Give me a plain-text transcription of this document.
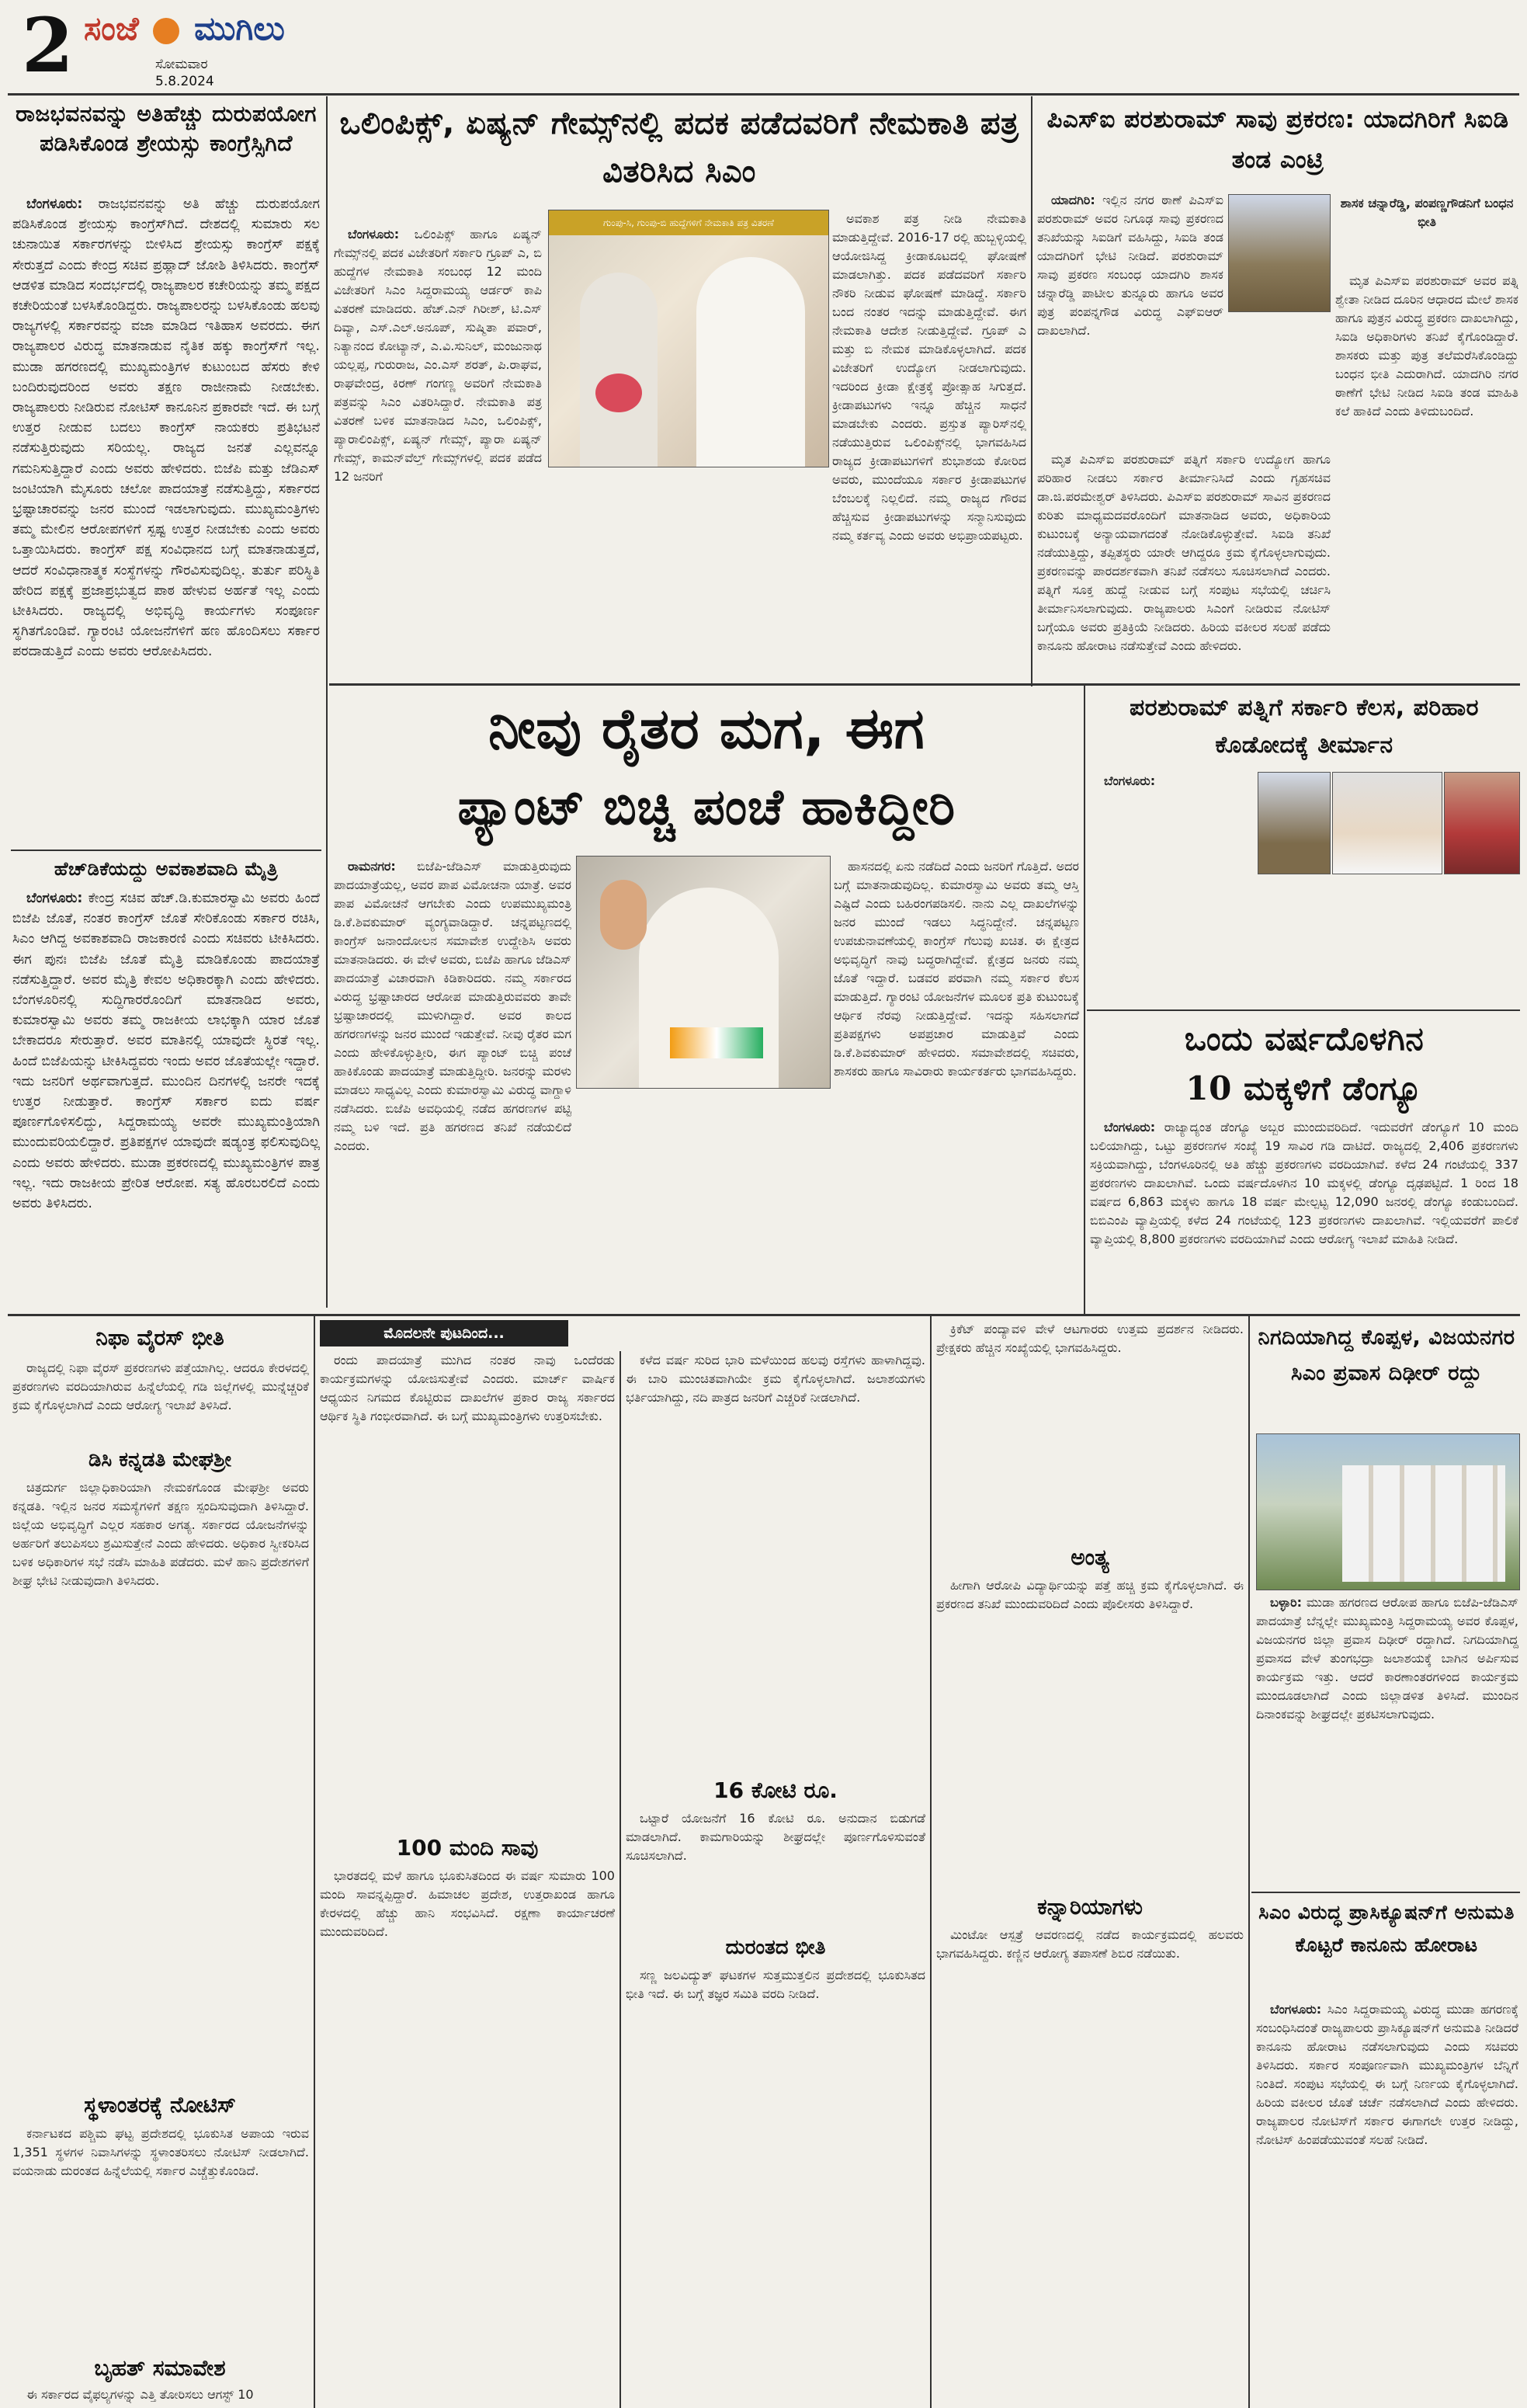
2 ಸಂಜೆ ಮುಗಿಲು
ಸೋಮವಾರ
5.8.2024
ರಾಜಭವನವನ್ನು ಅತಿಹೆಚ್ಚು ದುರುಪಯೋಗ ಪಡಿಸಿಕೊಂಡ ಶ್ರೇಯಸ್ಸು ಕಾಂಗ್ರೆಸ್ಸಿಗಿದೆ

ಬೆಂಗಳೂರು: ರಾಜಭವನವನ್ನು ಅತಿ ಹೆಚ್ಚು ದುರುಪಯೋಗ ಪಡಿಸಿಕೊಂಡ ಶ್ರೇಯಸ್ಸು ಕಾಂಗ್ರೆಸ್‌ಗಿದೆ. ದೇಶದಲ್ಲಿ ಸುಮಾರು ಸಲ ಚುನಾಯಿತ ಸರ್ಕಾರಗಳನ್ನು ಬೀಳಿಸಿದ ಶ್ರೇಯಸ್ಸು ಕಾಂಗ್ರೆಸ್ ಪಕ್ಷಕ್ಕೆ ಸೇರುತ್ತದೆ ಎಂದು ಕೇಂದ್ರ ಸಚಿವ ಪ್ರಹ್ಲಾದ್ ಜೋಶಿ ತಿಳಿಸಿದರು. ಕಾಂಗ್ರೆಸ್ ಆಡಳಿತ ಮಾಡಿದ ಸಂದರ್ಭದಲ್ಲಿ ರಾಜ್ಯಪಾಲರ ಕಚೇರಿಯನ್ನು ತಮ್ಮ ಪಕ್ಷದ ಕಚೇರಿಯಂತೆ ಬಳಸಿಕೊಂಡಿದ್ದರು. ರಾಜ್ಯಪಾಲರನ್ನು ಬಳಸಿಕೊಂಡು ಹಲವು ರಾಜ್ಯಗಳಲ್ಲಿ ಸರ್ಕಾರವನ್ನು ವಜಾ ಮಾಡಿದ ಇತಿಹಾಸ ಅವರದು. ಈಗ ರಾಜ್ಯಪಾಲರ ವಿರುದ್ಧ ಮಾತನಾಡುವ ನೈತಿಕ ಹಕ್ಕು ಕಾಂಗ್ರೆಸ್‌ಗೆ ಇಲ್ಲ. ಮುಡಾ ಹಗರಣದಲ್ಲಿ ಮುಖ್ಯಮಂತ್ರಿಗಳ ಕುಟುಂಬದ ಹೆಸರು ಕೇಳಿ ಬಂದಿರುವುದರಿಂದ ಅವರು ತಕ್ಷಣ ರಾಜೀನಾಮೆ ನೀಡಬೇಕು. ರಾಜ್ಯಪಾಲರು ನೀಡಿರುವ ನೋಟಿಸ್ ಕಾನೂನಿನ ಪ್ರಕಾರವೇ ಇದೆ. ಈ ಬಗ್ಗೆ ಉತ್ತರ ನೀಡುವ ಬದಲು ಕಾಂಗ್ರೆಸ್ ನಾಯಕರು ಪ್ರತಿಭಟನೆ ನಡೆಸುತ್ತಿರುವುದು ಸರಿಯಲ್ಲ. ರಾಜ್ಯದ ಜನತೆ ಎಲ್ಲವನ್ನೂ ಗಮನಿಸುತ್ತಿದ್ದಾರೆ ಎಂದು ಅವರು ಹೇಳಿದರು. ಬಿಜೆಪಿ ಮತ್ತು ಜೆಡಿಎಸ್ ಜಂಟಿಯಾಗಿ ಮೈಸೂರು ಚಲೋ ಪಾದಯಾತ್ರೆ ನಡೆಸುತ್ತಿದ್ದು, ಸರ್ಕಾರದ ಭ್ರಷ್ಟಾಚಾರವನ್ನು ಜನರ ಮುಂದೆ ಇಡಲಾಗುವುದು. ಮುಖ್ಯಮಂತ್ರಿಗಳು ತಮ್ಮ ಮೇಲಿನ ಆರೋಪಗಳಿಗೆ ಸ್ಪಷ್ಟ ಉತ್ತರ ನೀಡಬೇಕು ಎಂದು ಅವರು ಒತ್ತಾಯಿಸಿದರು. ಕಾಂಗ್ರೆಸ್ ಪಕ್ಷ ಸಂವಿಧಾನದ ಬಗ್ಗೆ ಮಾತನಾಡುತ್ತದೆ, ಆದರೆ ಸಂವಿಧಾನಾತ್ಮಕ ಸಂಸ್ಥೆಗಳನ್ನು ಗೌರವಿಸುವುದಿಲ್ಲ. ತುರ್ತು ಪರಿಸ್ಥಿತಿ ಹೇರಿದ ಪಕ್ಷಕ್ಕೆ ಪ್ರಜಾಪ್ರಭುತ್ವದ ಪಾಠ ಹೇಳುವ ಅರ್ಹತೆ ಇಲ್ಲ ಎಂದು ಟೀಕಿಸಿದರು. ರಾಜ್ಯದಲ್ಲಿ ಅಭಿವೃದ್ಧಿ ಕಾರ್ಯಗಳು ಸಂಪೂರ್ಣ ಸ್ಥಗಿತಗೊಂಡಿವೆ. ಗ್ಯಾರಂಟಿ ಯೋಜನೆಗಳಿಗೆ ಹಣ ಹೊಂದಿಸಲು ಸರ್ಕಾರ ಪರದಾಡುತ್ತಿದೆ ಎಂದು ಅವರು ಆರೋಪಿಸಿದರು.

ಹೆಚ್‌ಡಿಕೆಯದ್ದು ಅವಕಾಶವಾದಿ ಮೈತ್ರಿ

ಬೆಂಗಳೂರು: ಕೇಂದ್ರ ಸಚಿವ ಹೆಚ್.ಡಿ.ಕುಮಾರಸ್ವಾಮಿ ಅವರು ಹಿಂದೆ ಬಿಜೆಪಿ ಜೊತೆ, ನಂತರ ಕಾಂಗ್ರೆಸ್ ಜೊತೆ ಸೇರಿಕೊಂಡು ಸರ್ಕಾರ ರಚಿಸಿ, ಸಿಎಂ ಆಗಿದ್ದ ಅವಕಾಶವಾದಿ ರಾಜಕಾರಣಿ ಎಂದು ಸಚಿವರು ಟೀಕಿಸಿದರು. ಈಗ ಪುನಃ ಬಿಜೆಪಿ ಜೊತೆ ಮೈತ್ರಿ ಮಾಡಿಕೊಂಡು ಪಾದಯಾತ್ರೆ ನಡೆಸುತ್ತಿದ್ದಾರೆ. ಅವರ ಮೈತ್ರಿ ಕೇವಲ ಅಧಿಕಾರಕ್ಕಾಗಿ ಎಂದು ಹೇಳಿದರು. ಬೆಂಗಳೂರಿನಲ್ಲಿ ಸುದ್ದಿಗಾರರೊಂದಿಗೆ ಮಾತನಾಡಿದ ಅವರು, ಕುಮಾರಸ್ವಾಮಿ ಅವರು ತಮ್ಮ ರಾಜಕೀಯ ಲಾಭಕ್ಕಾಗಿ ಯಾರ ಜೊತೆ ಬೇಕಾದರೂ ಸೇರುತ್ತಾರೆ. ಅವರ ಮಾತಿನಲ್ಲಿ ಯಾವುದೇ ಸ್ಥಿರತೆ ಇಲ್ಲ. ಹಿಂದೆ ಬಿಜೆಪಿಯನ್ನು ಟೀಕಿಸಿದ್ದವರು ಇಂದು ಅವರ ಜೊತೆಯಲ್ಲೇ ಇದ್ದಾರೆ. ಇದು ಜನರಿಗೆ ಅರ್ಥವಾಗುತ್ತದೆ. ಮುಂದಿನ ದಿನಗಳಲ್ಲಿ ಜನರೇ ಇದಕ್ಕೆ ಉತ್ತರ ನೀಡುತ್ತಾರೆ. ಕಾಂಗ್ರೆಸ್ ಸರ್ಕಾರ ಐದು ವರ್ಷ ಪೂರ್ಣಗೊಳಿಸಲಿದ್ದು, ಸಿದ್ದರಾಮಯ್ಯ ಅವರೇ ಮುಖ್ಯಮಂತ್ರಿಯಾಗಿ ಮುಂದುವರಿಯಲಿದ್ದಾರೆ. ಪ್ರತಿಪಕ್ಷಗಳ ಯಾವುದೇ ಷಡ್ಯಂತ್ರ ಫಲಿಸುವುದಿಲ್ಲ ಎಂದು ಅವರು ಹೇಳಿದರು. ಮುಡಾ ಪ್ರಕರಣದಲ್ಲಿ ಮುಖ್ಯಮಂತ್ರಿಗಳ ಪಾತ್ರ ಇಲ್ಲ. ಇದು ರಾಜಕೀಯ ಪ್ರೇರಿತ ಆರೋಪ. ಸತ್ಯ ಹೊರಬರಲಿದೆ ಎಂದು ಅವರು ತಿಳಿಸಿದರು.

ಒಲಿಂಪಿಕ್ಸ್, ಏಷ್ಯನ್ ಗೇಮ್ಸ್‌ನಲ್ಲಿ ಪದಕ ಪಡೆದವರಿಗೆ ನೇಮಕಾತಿ ಪತ್ರ ವಿತರಿಸಿದ ಸಿಎಂ

ಬೆಂಗಳೂರು: ಒಲಿಂಪಿಕ್ಸ್ ಹಾಗೂ ಏಷ್ಯನ್ ಗೇಮ್ಸ್‌ನಲ್ಲಿ ಪದಕ ವಿಜೇತರಿಗೆ ಸರ್ಕಾರಿ ಗ್ರೂಪ್ ಎ, ಬಿ ಹುದ್ದೆಗಳ ನೇಮಕಾತಿ ಸಂಬಂಧ 12 ಮಂದಿ ವಿಜೇತರಿಗೆ ಸಿಎಂ ಸಿದ್ದರಾಮಯ್ಯ ಆರ್ಡರ್ ಕಾಪಿ ವಿತರಣೆ ಮಾಡಿದರು. ಹೆಚ್.ಎನ್ ಗಿರೀಶ್, ಟಿ.ಎಸ್ ದಿವ್ಯಾ, ಎಸ್.ಎಲ್.ಅನೂಪ್, ಸುಷ್ಮಿತಾ ಪವಾರ್, ನಿತ್ಯಾನಂದ ಕೋಟ್ಯಾನ್, ಎ.ವಿ.ಸುನಿಲ್, ಮಂಜುನಾಥ ಯಲ್ಲಪ್ಪ, ಗುರುರಾಜ, ಎಂ.ಎಸ್ ಶರತ್, ಪಿ.ರಾಘವ, ರಾಘವೇಂದ್ರ, ಕಿರಣ್ ಗಂಗಣ್ಣ ಅವರಿಗೆ ನೇಮಕಾತಿ ಪತ್ರವನ್ನು ಸಿಎಂ ವಿತರಿಸಿದ್ದಾರೆ. ನೇಮಕಾತಿ ಪತ್ರ ವಿತರಣೆ ಬಳಿಕ ಮಾತನಾಡಿದ ಸಿಎಂ, ಒಲಿಂಪಿಕ್ಸ್, ಪ್ಯಾರಾಲಿಂಪಿಕ್ಸ್, ಏಷ್ಯನ್ ಗೇಮ್ಸ್, ಪ್ಯಾರಾ ಏಷ್ಯನ್ ಗೇಮ್ಸ್, ಕಾಮನ್‌ವೆಲ್ತ್ ಗೇಮ್ಸ್‌ಗಳಲ್ಲಿ ಪದಕ ಪಡೆದ 12 ಜನರಿಗೆ

ಗುಂಪು-ಸಿ, ಗುಂಪು-ಬಿ ಹುದ್ದೆಗಳಿಗೆ ನೇಮಕಾತಿ ಪತ್ರ ವಿತರಣೆ	ಅವಕಾಶ ಪತ್ರ ನೀಡಿ ನೇಮಕಾತಿ ಮಾಡುತ್ತಿದ್ದೇವೆ. 2016-17 ರಲ್ಲಿ ಹುಬ್ಬಳ್ಳಿಯಲ್ಲಿ ಆಯೋಜಿಸಿದ್ದ ಕ್ರೀಡಾಕೂಟದಲ್ಲಿ ಘೋಷಣೆ ಮಾಡಲಾಗಿತ್ತು. ಪದಕ ಪಡೆದವರಿಗೆ ಸರ್ಕಾರಿ ನೌಕರಿ ನೀಡುವ ಘೋಷಣೆ ಮಾಡಿದ್ದೆ. ಸರ್ಕಾರಿ ಬಂದ ನಂತರ ಇದನ್ನು ಮಾಡುತ್ತಿದ್ದೇವೆ. ಈಗ ನೇಮಕಾತಿ ಆದೇಶ ನೀಡುತ್ತಿದ್ದೇವೆ. ಗ್ರೂಪ್ ಎ ಮತ್ತು ಬಿ ನೇಮಕ ಮಾಡಿಕೊಳ್ಳಲಾಗಿದೆ. ಪದಕ ವಿಜೇತರಿಗೆ ಉದ್ಯೋಗ ನೀಡಲಾಗುವುದು. ಇದರಿಂದ ಕ್ರೀಡಾ ಕ್ಷೇತ್ರಕ್ಕೆ ಪ್ರೋತ್ಸಾಹ ಸಿಗುತ್ತದೆ. ಕ್ರೀಡಾಪಟುಗಳು ಇನ್ನೂ ಹೆಚ್ಚಿನ ಸಾಧನೆ ಮಾಡಬೇಕು ಎಂದರು. ಪ್ರಸ್ತುತ ಪ್ಯಾರಿಸ್‌ನಲ್ಲಿ ನಡೆಯುತ್ತಿರುವ ಒಲಿಂಪಿಕ್ಸ್‌ನಲ್ಲಿ ಭಾಗವಹಿಸಿದ ರಾಜ್ಯದ ಕ್ರೀಡಾಪಟುಗಳಿಗೆ ಶುಭಾಶಯ ಕೋರಿದ ಅವರು, ಮುಂದೆಯೂ ಸರ್ಕಾರ ಕ್ರೀಡಾಪಟುಗಳ ಬೆಂಬಲಕ್ಕೆ ನಿಲ್ಲಲಿದೆ. ನಮ್ಮ ರಾಜ್ಯದ ಗೌರವ ಹೆಚ್ಚಿಸುವ ಕ್ರೀಡಾಪಟುಗಳನ್ನು ಸನ್ಮಾನಿಸುವುದು ನಮ್ಮ ಕರ್ತವ್ಯ ಎಂದು ಅವರು ಅಭಿಪ್ರಾಯಪಟ್ಟರು.

ಪಿಎಸ್‌ಐ ಪರಶುರಾಮ್ ಸಾವು ಪ್ರಕರಣ: ಯಾದಗಿರಿಗೆ ಸಿಐಡಿ ತಂಡ ಎಂಟ್ರಿ

ಯಾದಗಿರಿ: ಇಲ್ಲಿನ ನಗರ ಠಾಣೆ ಪಿಎಸ್‌ಐ ಪರಶುರಾಮ್ ಅವರ ನಿಗೂಢ ಸಾವು ಪ್ರಕರಣದ ತನಿಖೆಯನ್ನು ಸಿಐಡಿಗೆ ವಹಿಸಿದ್ದು, ಸಿಐಡಿ ತಂಡ ಯಾದಗಿರಿಗೆ ಭೇಟಿ ನೀಡಿದೆ. ಪರಶುರಾಮ್ ಸಾವು ಪ್ರಕರಣ ಸಂಬಂಧ ಯಾದಗಿರಿ ಶಾಸಕ ಚನ್ನಾರೆಡ್ಡಿ ಪಾಟೀಲ ತುನ್ನೂರು ಹಾಗೂ ಅವರ ಪುತ್ರ ಪಂಪನ್ನಗೌಡ ವಿರುದ್ಧ ಎಫ್‌ಐಆರ್ ದಾಖಲಾಗಿದೆ.

ಶಾಸಕ ಚನ್ನಾರೆಡ್ಡಿ, ಪಂಪಣ್ಣಗೌಡನಿಗೆ ಬಂಧನ ಭೀತಿ

ಮೃತ ಪಿಎಸ್‌ಐ ಪರಶುರಾಮ್ ಅವರ ಪತ್ನಿ ಶ್ವೇತಾ ನೀಡಿದ ದೂರಿನ ಆಧಾರದ ಮೇಲೆ ಶಾಸಕ ಹಾಗೂ ಪುತ್ರನ ವಿರುದ್ಧ ಪ್ರಕರಣ ದಾಖಲಾಗಿದ್ದು, ಸಿಐಡಿ ಅಧಿಕಾರಿಗಳು ತನಿಖೆ ಕೈಗೊಂಡಿದ್ದಾರೆ. ಶಾಸಕರು ಮತ್ತು ಪುತ್ರ ತಲೆಮರೆಸಿಕೊಂಡಿದ್ದು ಬಂಧನ ಭೀತಿ ಎದುರಾಗಿದೆ. ಯಾದಗಿರಿ ನಗರ ಠಾಣೆಗೆ ಭೇಟಿ ನೀಡಿದ ಸಿಐಡಿ ತಂಡ ಮಾಹಿತಿ ಕಲೆ ಹಾಕಿದೆ ಎಂದು ತಿಳಿದುಬಂದಿದೆ.

ಮೃತ ಪಿಎಸ್‌ಐ ಪರಶುರಾಮ್ ಪತ್ನಿಗೆ ಸರ್ಕಾರಿ ಉದ್ಯೋಗ ಹಾಗೂ ಪರಿಹಾರ ನೀಡಲು ಸರ್ಕಾರ ತೀರ್ಮಾನಿಸಿದೆ ಎಂದು ಗೃಹಸಚಿವ ಡಾ.ಜಿ.ಪರಮೇಶ್ವರ್ ತಿಳಿಸಿದರು. ಪಿಎಸ್‌ಐ ಪರಶುರಾಮ್ ಸಾವಿನ ಪ್ರಕರಣದ ಕುರಿತು ಮಾಧ್ಯಮದವರೊಂದಿಗೆ ಮಾತನಾಡಿದ ಅವರು, ಅಧಿಕಾರಿಯ ಕುಟುಂಬಕ್ಕೆ ಅನ್ಯಾಯವಾಗದಂತೆ ನೋಡಿಕೊಳ್ಳುತ್ತೇವೆ. ಸಿಐಡಿ ತನಿಖೆ ನಡೆಯುತ್ತಿದ್ದು, ತಪ್ಪಿತಸ್ಥರು ಯಾರೇ ಆಗಿದ್ದರೂ ಕ್ರಮ ಕೈಗೊಳ್ಳಲಾಗುವುದು. ಪ್ರಕರಣವನ್ನು ಪಾರದರ್ಶಕವಾಗಿ ತನಿಖೆ ನಡೆಸಲು ಸೂಚಿಸಲಾಗಿದೆ ಎಂದರು. ಪತ್ನಿಗೆ ಸೂಕ್ತ ಹುದ್ದೆ ನೀಡುವ ಬಗ್ಗೆ ಸಂಪುಟ ಸಭೆಯಲ್ಲಿ ಚರ್ಚಿಸಿ ತೀರ್ಮಾನಿಸಲಾಗುವುದು. ರಾಜ್ಯಪಾಲರು ಸಿಎಂಗೆ ನೀಡಿರುವ ನೋಟಿಸ್ ಬಗ್ಗೆಯೂ ಅವರು ಪ್ರತಿಕ್ರಿಯೆ ನೀಡಿದರು. ಹಿರಿಯ ವಕೀಲರ ಸಲಹೆ ಪಡೆದು ಕಾನೂನು ಹೋರಾಟ ನಡೆಸುತ್ತೇವೆ ಎಂದು ಹೇಳಿದರು.

ನೀವು ರೈತರ ಮಗ, ಈಗ
ಪ್ಯಾಂಟ್ ಬಿಚ್ಚಿ ಪಂಚೆ ಹಾಕಿದ್ದೀರಿ

ರಾಮನಗರ: ಬಿಜೆಪಿ-ಜೆಡಿಎಸ್ ಮಾಡುತ್ತಿರುವುದು ಪಾದಯಾತ್ರೆಯಲ್ಲ, ಅವರ ಪಾಪ ವಿಮೋಚನಾ ಯಾತ್ರೆ. ಅವರ ಪಾಪ ವಿಮೋಚನೆ ಆಗಬೇಕು ಎಂದು ಉಪಮುಖ್ಯಮಂತ್ರಿ ಡಿ.ಕೆ.ಶಿವಕುಮಾರ್ ವ್ಯಂಗ್ಯವಾಡಿದ್ದಾರೆ. ಚನ್ನಪಟ್ಟಣದಲ್ಲಿ ಕಾಂಗ್ರೆಸ್ ಜನಾಂದೋಲನ ಸಮಾವೇಶ ಉದ್ದೇಶಿಸಿ ಅವರು ಮಾತನಾಡಿದರು. ಈ ವೇಳೆ ಅವರು, ಬಿಜೆಪಿ ಹಾಗೂ ಜೆಡಿಎಸ್ ಪಾದಯಾತ್ರೆ ವಿಚಾರವಾಗಿ ಕಿಡಿಕಾರಿದರು. ನಮ್ಮ ಸರ್ಕಾರದ ವಿರುದ್ಧ ಭ್ರಷ್ಟಾಚಾರದ ಆರೋಪ ಮಾಡುತ್ತಿರುವವರು ತಾವೇ ಭ್ರಷ್ಟಾಚಾರದಲ್ಲಿ ಮುಳುಗಿದ್ದಾರೆ. ಅವರ ಕಾಲದ ಹಗರಣಗಳನ್ನು ಜನರ ಮುಂದೆ ಇಡುತ್ತೇವೆ. ನೀವು ರೈತರ ಮಗ ಎಂದು ಹೇಳಿಕೊಳ್ಳುತ್ತೀರಿ, ಈಗ ಪ್ಯಾಂಟ್ ಬಿಚ್ಚಿ ಪಂಚೆ ಹಾಕಿಕೊಂಡು ಪಾದಯಾತ್ರೆ ಮಾಡುತ್ತಿದ್ದೀರಿ. ಜನರನ್ನು ಮರಳು ಮಾಡಲು ಸಾಧ್ಯವಿಲ್ಲ ಎಂದು ಕುಮಾರಸ್ವಾಮಿ ವಿರುದ್ಧ ವಾಗ್ದಾಳಿ ನಡೆಸಿದರು. ಬಿಜೆಪಿ ಅವಧಿಯಲ್ಲಿ ನಡೆದ ಹಗರಣಗಳ ಪಟ್ಟಿ ನಮ್ಮ ಬಳಿ ಇದೆ. ಪ್ರತಿ ಹಗರಣದ ತನಿಖೆ ನಡೆಯಲಿದೆ ಎಂದರು.

ಹಾಸನದಲ್ಲಿ ಏನು ನಡೆದಿದೆ ಎಂದು ಜನರಿಗೆ ಗೊತ್ತಿದೆ. ಅದರ ಬಗ್ಗೆ ಮಾತನಾಡುವುದಿಲ್ಲ. ಕುಮಾರಸ್ವಾಮಿ ಅವರು ತಮ್ಮ ಆಸ್ತಿ ಎಷ್ಟಿದೆ ಎಂದು ಬಹಿರಂಗಪಡಿಸಲಿ. ನಾನು ಎಲ್ಲ ದಾಖಲೆಗಳನ್ನು ಜನರ ಮುಂದೆ ಇಡಲು ಸಿದ್ಧನಿದ್ದೇನೆ. ಚನ್ನಪಟ್ಟಣ ಉಪಚುನಾವಣೆಯಲ್ಲಿ ಕಾಂಗ್ರೆಸ್ ಗೆಲುವು ಖಚಿತ. ಈ ಕ್ಷೇತ್ರದ ಅಭಿವೃದ್ಧಿಗೆ ನಾವು ಬದ್ಧರಾಗಿದ್ದೇವೆ. ಕ್ಷೇತ್ರದ ಜನರು ನಮ್ಮ ಜೊತೆ ಇದ್ದಾರೆ. ಬಡವರ ಪರವಾಗಿ ನಮ್ಮ ಸರ್ಕಾರ ಕೆಲಸ ಮಾಡುತ್ತಿದೆ. ಗ್ಯಾರಂಟಿ ಯೋಜನೆಗಳ ಮೂಲಕ ಪ್ರತಿ ಕುಟುಂಬಕ್ಕೆ ಆರ್ಥಿಕ ನೆರವು ನೀಡುತ್ತಿದ್ದೇವೆ. ಇದನ್ನು ಸಹಿಸಲಾಗದೆ ಪ್ರತಿಪಕ್ಷಗಳು ಅಪಪ್ರಚಾರ ಮಾಡುತ್ತಿವೆ ಎಂದು ಡಿ.ಕೆ.ಶಿವಕುಮಾರ್ ಹೇಳಿದರು. ಸಮಾವೇಶದಲ್ಲಿ ಸಚಿವರು, ಶಾಸಕರು ಹಾಗೂ ಸಾವಿರಾರು ಕಾರ್ಯಕರ್ತರು ಭಾಗವಹಿಸಿದ್ದರು.

ಪರಶುರಾಮ್ ಪತ್ನಿಗೆ ಸರ್ಕಾರಿ ಕೆಲಸ, ಪರಿಹಾರ ಕೊಡೋದಕ್ಕೆ ತೀರ್ಮಾನ

ಬೆಂಗಳೂರು:

ಒಂದು ವರ್ಷದೊಳಗಿನ
10 ಮಕ್ಕಳಿಗೆ ಡೆಂಗ್ಯೂ

ಬೆಂಗಳೂರು: ರಾಜ್ಯಾದ್ಯಂತ ಡೆಂಗ್ಯೂ ಅಬ್ಬರ ಮುಂದುವರಿದಿದೆ. ಇದುವರೆಗೆ ಡೆಂಗ್ಯೂಗೆ 10 ಮಂದಿ ಬಲಿಯಾಗಿದ್ದು, ಒಟ್ಟು ಪ್ರಕರಣಗಳ ಸಂಖ್ಯೆ 19 ಸಾವಿರ ಗಡಿ ದಾಟಿದೆ. ರಾಜ್ಯದಲ್ಲಿ 2,406 ಪ್ರಕರಣಗಳು ಸಕ್ರಿಯವಾಗಿದ್ದು, ಬೆಂಗಳೂರಿನಲ್ಲಿ ಅತಿ ಹೆಚ್ಚು ಪ್ರಕರಣಗಳು ವರದಿಯಾಗಿವೆ. ಕಳೆದ 24 ಗಂಟೆಯಲ್ಲಿ 337 ಪ್ರಕರಣಗಳು ದಾಖಲಾಗಿವೆ. ಒಂದು ವರ್ಷದೊಳಗಿನ 10 ಮಕ್ಕಳಲ್ಲಿ ಡೆಂಗ್ಯೂ ದೃಢಪಟ್ಟಿದೆ. 1 ರಿಂದ 18 ವರ್ಷದ 6,863 ಮಕ್ಕಳು ಹಾಗೂ 18 ವರ್ಷ ಮೇಲ್ಪಟ್ಟ 12,090 ಜನರಲ್ಲಿ ಡೆಂಗ್ಯೂ ಕಂಡುಬಂದಿದೆ. ಬಿಬಿಎಂಪಿ ವ್ಯಾಪ್ತಿಯಲ್ಲಿ ಕಳೆದ 24 ಗಂಟೆಯಲ್ಲಿ 123 ಪ್ರಕರಣಗಳು ದಾಖಲಾಗಿವೆ. ಇಲ್ಲಿಯವರೆಗೆ ಪಾಲಿಕೆ ವ್ಯಾಪ್ತಿಯಲ್ಲಿ 8,800 ಪ್ರಕರಣಗಳು ವರದಿಯಾಗಿವೆ ಎಂದು ಆರೋಗ್ಯ ಇಲಾಖೆ ಮಾಹಿತಿ ನೀಡಿದೆ.

ನಿಫಾ ವೈರಸ್ ಭೀತಿ

ರಾಜ್ಯದಲ್ಲಿ ನಿಫಾ ವೈರಸ್ ಪ್ರಕರಣಗಳು ಪತ್ತೆಯಾಗಿಲ್ಲ. ಆದರೂ ಕೇರಳದಲ್ಲಿ ಪ್ರಕರಣಗಳು ವರದಿಯಾಗಿರುವ ಹಿನ್ನೆಲೆಯಲ್ಲಿ ಗಡಿ ಜಿಲ್ಲೆಗಳಲ್ಲಿ ಮುನ್ನೆಚ್ಚರಿಕೆ ಕ್ರಮ ಕೈಗೊಳ್ಳಲಾಗಿದೆ ಎಂದು ಆರೋಗ್ಯ ಇಲಾಖೆ ತಿಳಿಸಿದೆ.

ಡಿಸಿ ಕನ್ನಡತಿ ಮೇಘಶ್ರೀ

ಚಿತ್ರದುರ್ಗ ಜಿಲ್ಲಾಧಿಕಾರಿಯಾಗಿ ನೇಮಕಗೊಂಡ ಮೇಘಶ್ರೀ ಅವರು ಕನ್ನಡತಿ. ಇಲ್ಲಿನ ಜನರ ಸಮಸ್ಯೆಗಳಿಗೆ ತಕ್ಷಣ ಸ್ಪಂದಿಸುವುದಾಗಿ ತಿಳಿಸಿದ್ದಾರೆ. ಜಿಲ್ಲೆಯ ಅಭಿವೃದ್ಧಿಗೆ ಎಲ್ಲರ ಸಹಕಾರ ಅಗತ್ಯ. ಸರ್ಕಾರದ ಯೋಜನೆಗಳನ್ನು ಅರ್ಹರಿಗೆ ತಲುಪಿಸಲು ಶ್ರಮಿಸುತ್ತೇನೆ ಎಂದು ಹೇಳಿದರು. ಅಧಿಕಾರ ಸ್ವೀಕರಿಸಿದ ಬಳಿಕ ಅಧಿಕಾರಿಗಳ ಸಭೆ ನಡೆಸಿ ಮಾಹಿತಿ ಪಡೆದರು. ಮಳೆ ಹಾನಿ ಪ್ರದೇಶಗಳಿಗೆ ಶೀಘ್ರ ಭೇಟಿ ನೀಡುವುದಾಗಿ ತಿಳಿಸಿದರು.

ಸ್ಥಳಾಂತರಕ್ಕೆ ನೋಟಿಸ್

ಕರ್ನಾಟಕದ ಪಶ್ಚಿಮ ಘಟ್ಟ ಪ್ರದೇಶದಲ್ಲಿ ಭೂಕುಸಿತ ಅಪಾಯ ಇರುವ 1,351 ಸ್ಥಳಗಳ ನಿವಾಸಿಗಳನ್ನು ಸ್ಥಳಾಂತರಿಸಲು ನೋಟಿಸ್ ನೀಡಲಾಗಿದೆ. ವಯನಾಡು ದುರಂತದ ಹಿನ್ನೆಲೆಯಲ್ಲಿ ಸರ್ಕಾರ ಎಚ್ಚೆತ್ತುಕೊಂಡಿದೆ.

ಬೃಹತ್ ಸಮಾವೇಶ

ಈ ಸರ್ಕಾರದ ವೈಫಲ್ಯಗಳನ್ನು ಎತ್ತಿ ತೋರಿಸಲು ಆಗಸ್ಟ್ 10

ಮೊದಲನೇ ಪುಟದಿಂದ...

ರಂದು ಪಾದಯಾತ್ರೆ ಮುಗಿದ ನಂತರ ನಾವು ಒಂದೆರಡು ಕಾರ್ಯಕ್ರಮಗಳನ್ನು ಯೋಜಿಸುತ್ತೇವೆ ಎಂದರು. ಮಾರ್ಚ್ ವಾರ್ಷಿಕ ಆಧ್ಯಯನ ನಿಗಮದ ಕೊಟ್ಟಿರುವ ದಾಖಲೆಗಳ ಪ್ರಕಾರ ರಾಜ್ಯ ಸರ್ಕಾರದ ಆರ್ಥಿಕ ಸ್ಥಿತಿ ಗಂಭೀರವಾಗಿದೆ. ಈ ಬಗ್ಗೆ ಮುಖ್ಯಮಂತ್ರಿಗಳು ಉತ್ತರಿಸಬೇಕು.

100 ಮಂದಿ ಸಾವು

ಭಾರತದಲ್ಲಿ ಮಳೆ ಹಾಗೂ ಭೂಕುಸಿತದಿಂದ ಈ ವರ್ಷ ಸುಮಾರು 100 ಮಂದಿ ಸಾವನ್ನಪ್ಪಿದ್ದಾರೆ. ಹಿಮಾಚಲ ಪ್ರದೇಶ, ಉತ್ತರಾಖಂಡ ಹಾಗೂ ಕೇರಳದಲ್ಲಿ ಹೆಚ್ಚು ಹಾನಿ ಸಂಭವಿಸಿದೆ. ರಕ್ಷಣಾ ಕಾರ್ಯಾಚರಣೆ ಮುಂದುವರಿದಿದೆ.

ಕಳೆದ ವರ್ಷ ಸುರಿದ ಭಾರಿ ಮಳೆಯಿಂದ ಹಲವು ರಸ್ತೆಗಳು ಹಾಳಾಗಿದ್ದವು. ಈ ಬಾರಿ ಮುಂಚಿತವಾಗಿಯೇ ಕ್ರಮ ಕೈಗೊಳ್ಳಲಾಗಿದೆ. ಜಲಾಶಯಗಳು ಭರ್ತಿಯಾಗಿದ್ದು, ನದಿ ಪಾತ್ರದ ಜನರಿಗೆ ಎಚ್ಚರಿಕೆ ನೀಡಲಾಗಿದೆ.

16 ಕೋಟಿ ರೂ.

ಒಟ್ಟಾರೆ ಯೋಜನೆಗೆ 16 ಕೋಟಿ ರೂ. ಅನುದಾನ ಬಿಡುಗಡೆ ಮಾಡಲಾಗಿದೆ. ಕಾಮಗಾರಿಯನ್ನು ಶೀಘ್ರದಲ್ಲೇ ಪೂರ್ಣಗೊಳಿಸುವಂತೆ ಸೂಚಿಸಲಾಗಿದೆ.

ದುರಂತದ ಭೀತಿ

ಸಣ್ಣ ಜಲವಿದ್ಯುತ್ ಘಟಕಗಳ ಸುತ್ತಮುತ್ತಲಿನ ಪ್ರದೇಶದಲ್ಲಿ ಭೂಕುಸಿತದ ಭೀತಿ ಇದೆ. ಈ ಬಗ್ಗೆ ತಜ್ಞರ ಸಮಿತಿ ವರದಿ ನೀಡಿದೆ.

ಕ್ರಿಕೆಟ್ ಪಂದ್ಯಾವಳಿ ವೇಳೆ ಆಟಗಾರರು ಉತ್ತಮ ಪ್ರದರ್ಶನ ನೀಡಿದರು. ಪ್ರೇಕ್ಷಕರು ಹೆಚ್ಚಿನ ಸಂಖ್ಯೆಯಲ್ಲಿ ಭಾಗವಹಿಸಿದ್ದರು.

ಅಂತ್ಯ

ಹೀಗಾಗಿ ಆರೋಪಿ ವಿದ್ಯಾರ್ಥಿಯನ್ನು ಪತ್ತೆ ಹಚ್ಚಿ ಕ್ರಮ ಕೈಗೊಳ್ಳಲಾಗಿದೆ. ಈ ಪ್ರಕರಣದ ತನಿಖೆ ಮುಂದುವರಿದಿದೆ ಎಂದು ಪೊಲೀಸರು ತಿಳಿಸಿದ್ದಾರೆ.

ಕನ್ನಾರಿಯಾಗಳು

ಮಿಂಟೋ ಆಸ್ಪತ್ರೆ ಆವರಣದಲ್ಲಿ ನಡೆದ ಕಾರ್ಯಕ್ರಮದಲ್ಲಿ ಹಲವರು ಭಾಗವಹಿಸಿದ್ದರು. ಕಣ್ಣಿನ ಆರೋಗ್ಯ ತಪಾಸಣೆ ಶಿಬಿರ ನಡೆಯಿತು.

ನಿಗದಿಯಾಗಿದ್ದ ಕೊಪ್ಪಳ, ವಿಜಯನಗರ ಸಿಎಂ ಪ್ರವಾಸ ದಿಢೀರ್ ರದ್ದು

ಬಳ್ಳಾರಿ: ಮುಡಾ ಹಗರಣದ ಆರೋಪ ಹಾಗೂ ಬಿಜೆಪಿ-ಜೆಡಿಎಸ್ ಪಾದಯಾತ್ರೆ ಬೆನ್ನಲ್ಲೇ ಮುಖ್ಯಮಂತ್ರಿ ಸಿದ್ದರಾಮಯ್ಯ ಅವರ ಕೊಪ್ಪಳ, ವಿಜಯನಗರ ಜಿಲ್ಲಾ ಪ್ರವಾಸ ದಿಢೀರ್ ರದ್ದಾಗಿದೆ. ನಿಗದಿಯಾಗಿದ್ದ ಪ್ರವಾಸದ ವೇಳೆ ತುಂಗಭದ್ರಾ ಜಲಾಶಯಕ್ಕೆ ಬಾಗಿನ ಅರ್ಪಿಸುವ ಕಾರ್ಯಕ್ರಮ ಇತ್ತು. ಆದರೆ ಕಾರಣಾಂತರಗಳಿಂದ ಕಾರ್ಯಕ್ರಮ ಮುಂದೂಡಲಾಗಿದೆ ಎಂದು ಜಿಲ್ಲಾಡಳಿತ ತಿಳಿಸಿದೆ. ಮುಂದಿನ ದಿನಾಂಕವನ್ನು ಶೀಘ್ರದಲ್ಲೇ ಪ್ರಕಟಿಸಲಾಗುವುದು.

ಸಿಎಂ ವಿರುದ್ಧ ಪ್ರಾಸಿಕ್ಯೂಷನ್‌ಗೆ ಅನುಮತಿ ಕೊಟ್ಟರೆ ಕಾನೂನು ಹೋರಾಟ

ಬೆಂಗಳೂರು: ಸಿಎಂ ಸಿದ್ದರಾಮಯ್ಯ ವಿರುದ್ಧ ಮುಡಾ ಹಗರಣಕ್ಕೆ ಸಂಬಂಧಿಸಿದಂತೆ ರಾಜ್ಯಪಾಲರು ಪ್ರಾಸಿಕ್ಯೂಷನ್‌ಗೆ ಅನುಮತಿ ನೀಡಿದರೆ ಕಾನೂನು ಹೋರಾಟ ನಡೆಸಲಾಗುವುದು ಎಂದು ಸಚಿವರು ತಿಳಿಸಿದರು. ಸರ್ಕಾರ ಸಂಪೂರ್ಣವಾಗಿ ಮುಖ್ಯಮಂತ್ರಿಗಳ ಬೆನ್ನಿಗೆ ನಿಂತಿದೆ. ಸಂಪುಟ ಸಭೆಯಲ್ಲಿ ಈ ಬಗ್ಗೆ ನಿರ್ಣಯ ಕೈಗೊಳ್ಳಲಾಗಿದೆ. ಹಿರಿಯ ವಕೀಲರ ಜೊತೆ ಚರ್ಚೆ ನಡೆಸಲಾಗಿದೆ ಎಂದು ಹೇಳಿದರು. ರಾಜ್ಯಪಾಲರ ನೋಟಿಸ್‌ಗೆ ಸರ್ಕಾರ ಈಗಾಗಲೇ ಉತ್ತರ ನೀಡಿದ್ದು, ನೋಟಿಸ್ ಹಿಂಪಡೆಯುವಂತೆ ಸಲಹೆ ನೀಡಿದೆ.
